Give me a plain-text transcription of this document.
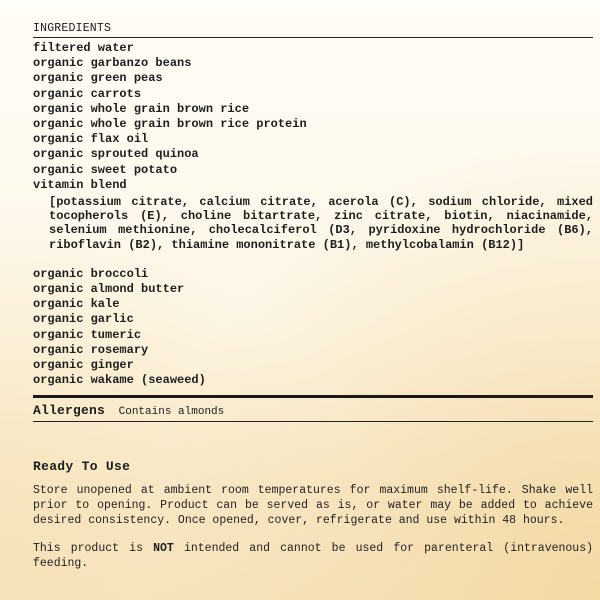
INGREDIENTS
filtered water
organic garbanzo beans
organic green peas
organic carrots
organic whole grain brown rice
organic whole grain brown rice protein
organic flax oil
organic sprouted quinoa
organic sweet potato
vitamin blend
[potassium citrate, calcium citrate, acerola (C), sodium chloride, mixed tocopherols (E), choline bitartrate, zinc citrate, biotin, niacinamide, selenium methionine, cholecalciferol (D3, pyridoxine hydrochloride (B6), riboflavin (B2), thiamine mononitrate (B1), methylcobalamin (B12)]
organic broccoli
organic almond butter
organic kale
organic garlic
organic tumeric
organic rosemary
organic ginger
organic wakame (seaweed)
Allergens Contains almonds
Ready To Use
Store unopened at ambient room temperatures for maximum shelf-life. Shake well prior to opening. Product can be served as is, or water may be added to achieve desired consistency. Once opened, cover, refrigerate and use within 48 hours.
This product is NOT intended and cannot be used for parenteral (intravenous) feeding.
